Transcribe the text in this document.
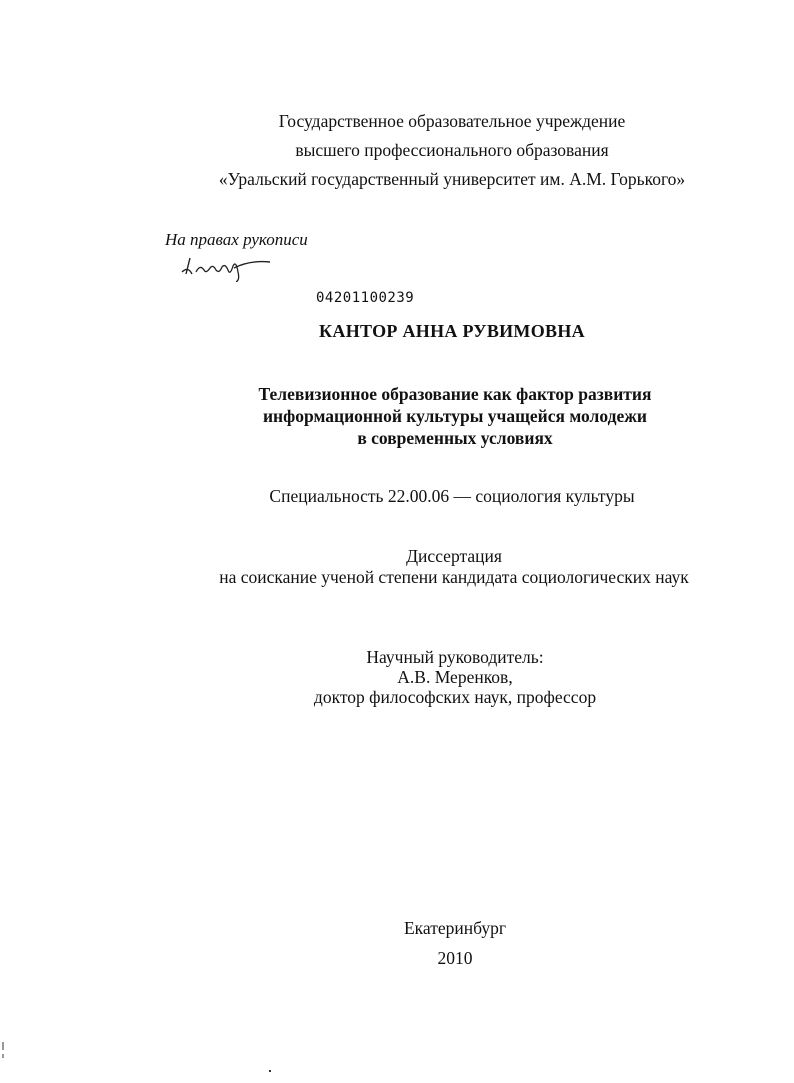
Государственное образовательное учреждение
высшего профессионального образования
«Уральский государственный университет им. А.М. Горького»
На правах рукописи
04201100239
КАНТОР АННА РУВИМОВНА
Телевизионное образование как фактор развития
информационной культуры учащейся молодежи
в современных условиях
Специальность 22.00.06 — социология культуры
Диссертация
на соискание ученой степени кандидата социологических наук
Научный руководитель:
А.В. Меренков,
доктор философских наук, профессор
Екатеринбург
2010
